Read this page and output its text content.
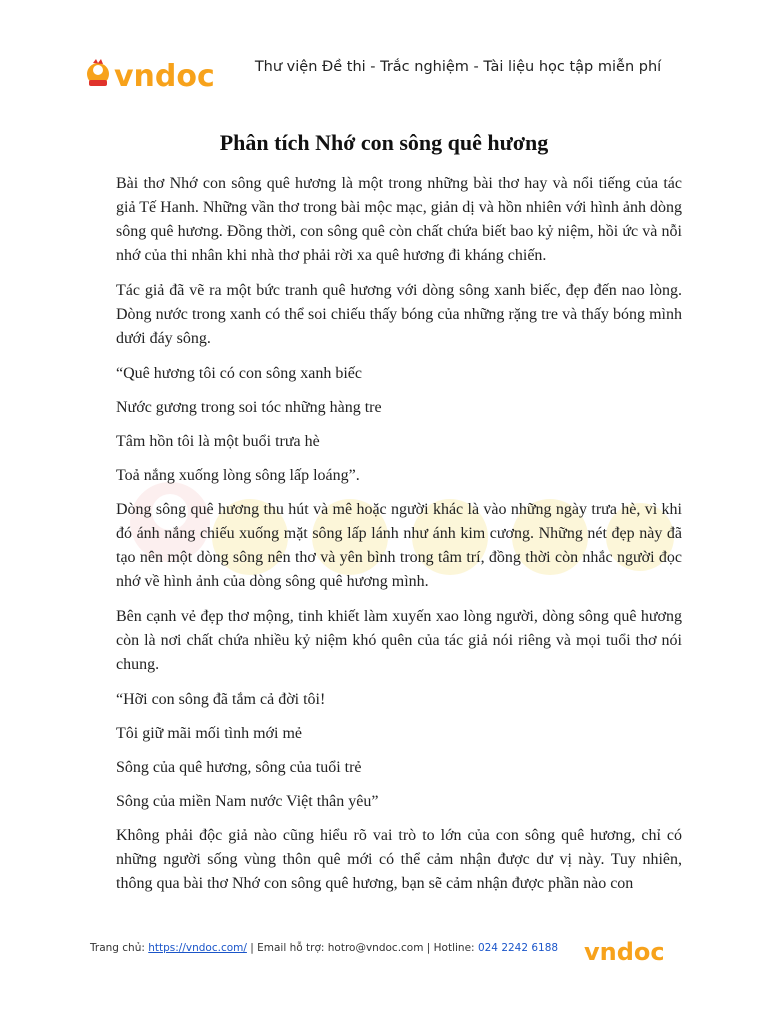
vndoc	Thư viện Đề thi - Trắc nghiệm - Tài liệu học tập miễn phí
Phân tích Nhớ con sông quê hương

Bài thơ Nhớ con sông quê hương là một trong những bài thơ hay và nổi tiếng của tác giả Tế Hanh. Những vần thơ trong bài mộc mạc, giản dị và hồn nhiên với hình ảnh dòng sông quê hương. Đồng thời, con sông quê còn chất chứa biết bao kỷ niệm, hồi ức và nỗi nhớ của thi nhân khi nhà thơ phải rời xa quê hương đi kháng chiến.

Tác giả đã vẽ ra một bức tranh quê hương với dòng sông xanh biếc, đẹp đến nao lòng. Dòng nước trong xanh có thể soi chiếu thấy bóng của những rặng tre và thấy bóng mình dưới đáy sông.

“Quê hương tôi có con sông xanh biếc

Nước gương trong soi tóc những hàng tre

Tâm hồn tôi là một buổi trưa hè

Toả nắng xuống lòng sông lấp loáng”.

Dòng sông quê hương thu hút và mê hoặc người khác là vào những ngày trưa hè, vì khi đó ánh nắng chiếu xuống mặt sông lấp lánh như ánh kim cương. Những nét đẹp này đã tạo nên một dòng sông nên thơ và yên bình trong tâm trí, đồng thời còn nhắc người đọc nhớ về hình ảnh của dòng sông quê hương mình.

Bên cạnh vẻ đẹp thơ mộng, tinh khiết làm xuyến xao lòng người, dòng sông quê hương còn là nơi chất chứa nhiều kỷ niệm khó quên của tác giả nói riêng và mọi tuổi thơ nói chung.

“Hỡi con sông đã tắm cả đời tôi!

Tôi giữ mãi mối tình mới mẻ

Sông của quê hương, sông của tuổi trẻ

Sông của miền Nam nước Việt thân yêu”

Không phải độc giả nào cũng hiểu rõ vai trò to lớn của con sông quê hương, chỉ có những người sống vùng thôn quê mới có thể cảm nhận được dư vị này. Tuy nhiên, thông qua bài thơ Nhớ con sông quê hương, bạn sẽ cảm nhận được phần nào con

Trang chủ: https://vndoc.com/ | Email hỗ trợ: hotro@vndoc.com | Hotline: 024 2242 6188	vndoc
